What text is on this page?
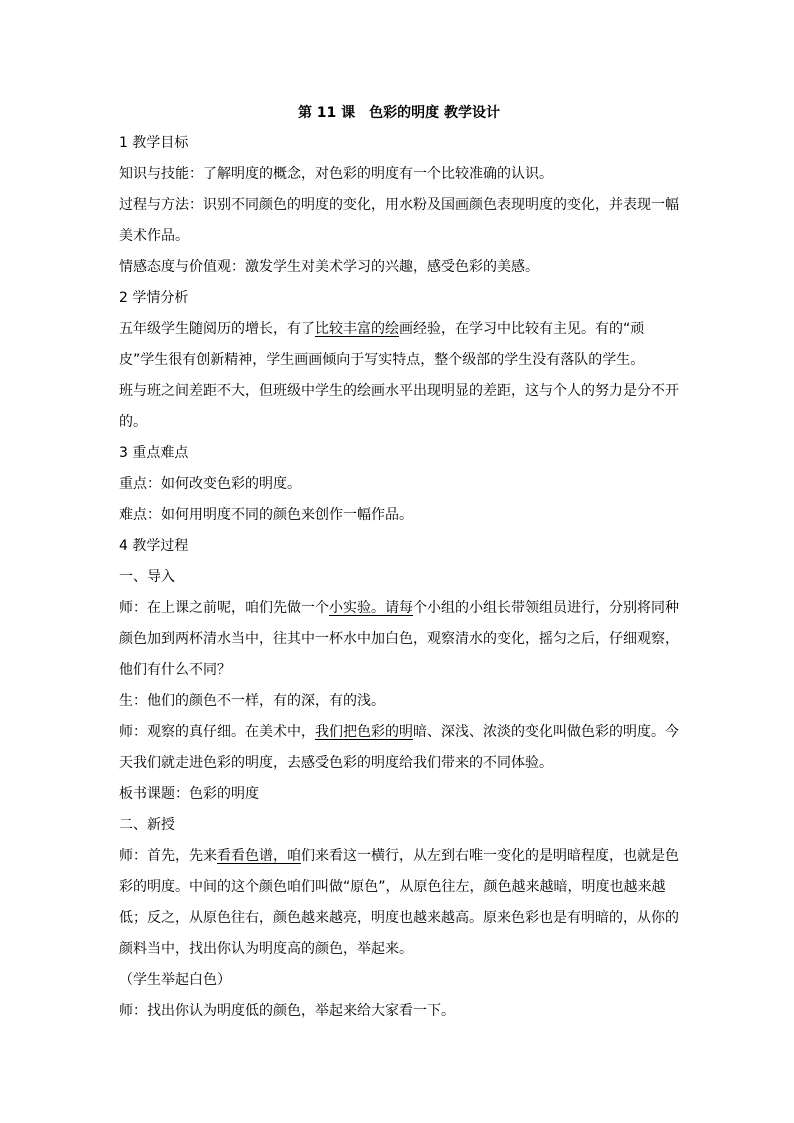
第 11 课　色彩的明度 教学设计

1 教学目标

知识与技能：了解明度的概念，对色彩的明度有一个比较准确的认识。

过程与方法：识别不同颜色的明度的变化，用水粉及国画颜色表现明度的变化，并表现一幅美术作品。

情感态度与价值观：激发学生对美术学习的兴趣，感受色彩的美感。

2 学情分析

五年级学生随阅历的增长，有了比较丰富的绘画经验，在学习中比较有主见。有的“顽皮”学生很有创新精神，学生画画倾向于写实特点，整个级部的学生没有落队的学生。

班与班之间差距不大，但班级中学生的绘画水平出现明显的差距，这与个人的努力是分不开的。

3 重点难点

重点：如何改变色彩的明度。

难点：如何用明度不同的颜色来创作一幅作品。

4 教学过程

一、导入

师：在上课之前呢，咱们先做一个小实验。请每个小组的小组长带领组员进行，分别将同种颜色加到两杯清水当中，往其中一杯水中加白色，观察清水的变化，摇匀之后，仔细观察，他们有什么不同？

生：他们的颜色不一样，有的深，有的浅。

师：观察的真仔细。在美术中，我们把色彩的明暗、深浅、浓淡的变化叫做色彩的明度。今天我们就走进色彩的明度，去感受色彩的明度给我们带来的不同体验。

板书课题：色彩的明度

二、新授

师：首先，先来看看色谱，咱们来看这一横行，从左到右唯一变化的是明暗程度，也就是色彩的明度。中间的这个颜色咱们叫做“原色”，从原色往左，颜色越来越暗，明度也越来越低；反之，从原色往右，颜色越来越亮，明度也越来越高。原来色彩也是有明暗的，从你的颜料当中，找出你认为明度高的颜色，举起来。

（学生举起白色）

师：找出你认为明度低的颜色，举起来给大家看一下。
